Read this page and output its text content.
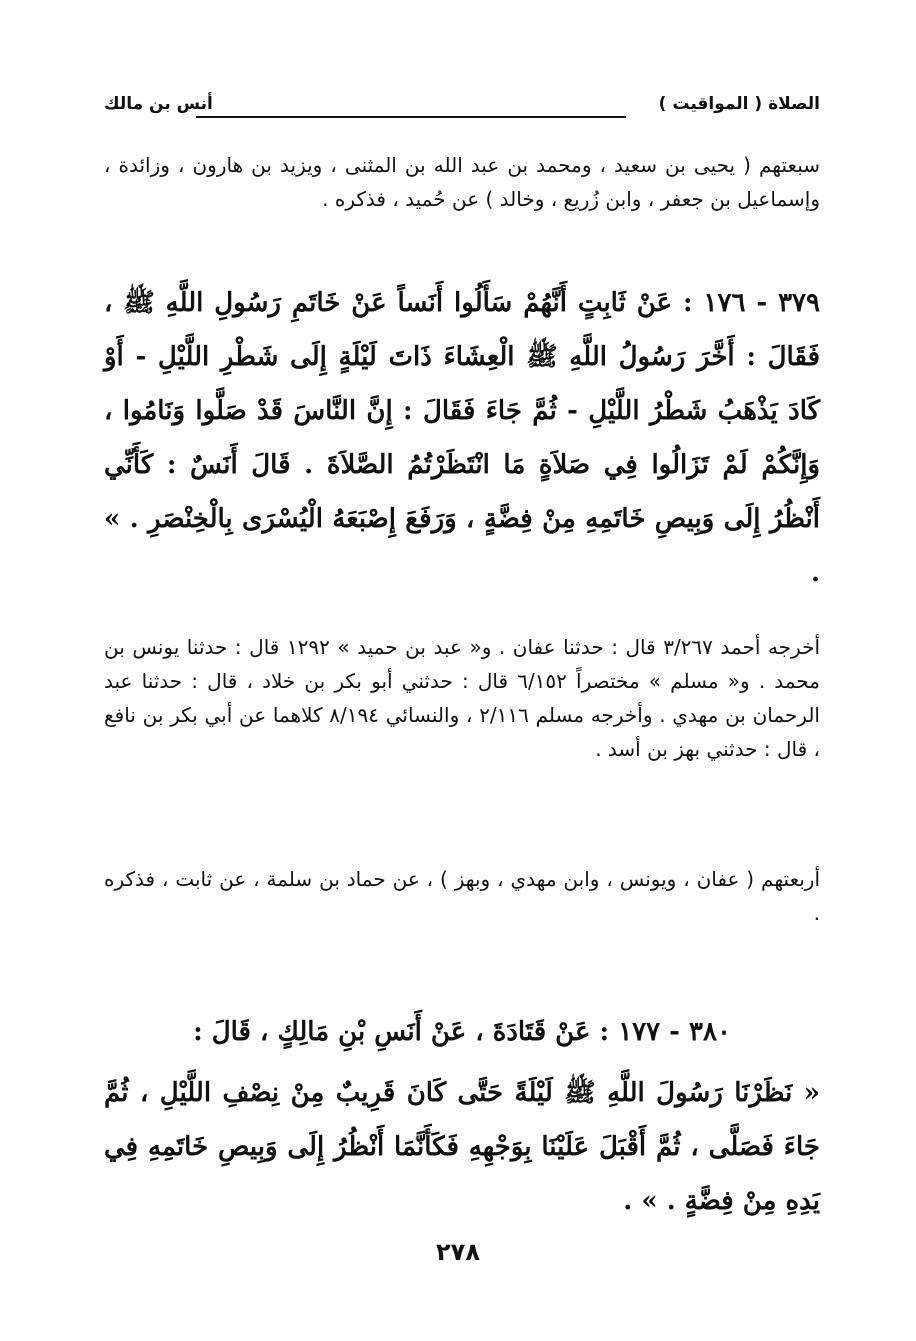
الصلاة ( المواقيت )
أنس بن مالك
سبعتهم ( يحيى بن سعيد ، ومحمد بن عبد الله بن المثنى ، ويزيد بن هارون ، وزائدة ، وإسماعيل بن جعفر ، وابن زُريع ، وخالد ) عن حُميد ، فذكره .
٣٧٩ - ١٧٦ : عَنْ ثَابِتٍ أَنَّهُمْ سَأَلُوا أَنَساً عَنْ خَاتَمِ رَسُولِ اللَّهِ ﷺ ، فَقَالَ : أَخَّرَ رَسُولُ اللَّهِ ﷺ الْعِشَاءَ ذَاتَ لَيْلَةٍ إِلَى شَطْرِ اللَّيْلِ - أَوْ كَادَ يَذْهَبُ شَطْرُ اللَّيْلِ - ثُمَّ جَاءَ فَقَالَ : إِنَّ النَّاسَ قَدْ صَلَّوا وَنَامُوا ، وَإِنَّكُمْ لَمْ تَزَالُوا فِي صَلاَةٍ مَا انْتَظَرْتُمُ الصَّلاَةَ . قَالَ أَنَسٌ : كَأَنِّي أَنْظُرُ إِلَى وَبِيصِ خَاتَمِهِ مِنْ فِضَّةٍ ، وَرَفَعَ إِصْبَعَهُ الْيُسْرَى بِالْخِنْصَرِ . » .
أخرجه أحمد ٣/٢٦٧ قال : حدثنا عفان . و« عبد بن حميد » ١٢٩٢ قال : حدثنا يونس بن محمد . و« مسلم » مختصراً ٦/١٥٢ قال : حدثني أبو بكر بن خلاد ، قال : حدثنا عبد الرحمان بن مهدي . وأخرجه مسلم ٢/١١٦ ، والنسائي ٨/١٩٤ كلاهما عن أبي بكر بن نافع ، قال : حدثني بهز بن أسد .
أربعتهم ( عفان ، ويونس ، وابن مهدي ، وبهز ) ، عن حماد بن سلمة ، عن ثابت ، فذكره .
٣٨٠ - ١٧٧ : عَنْ قَتَادَةَ ، عَنْ أَنَسِ بْنِ مَالِكٍ ، قَالَ :
« نَظَرْنَا رَسُولَ اللَّهِ ﷺ لَيْلَةً حَتَّى كَانَ قَرِيبٌ مِنْ نِصْفِ اللَّيْلِ ، ثُمَّ جَاءَ فَصَلَّى ، ثُمَّ أَقْبَلَ عَلَيْنَا بِوَجْهِهِ فَكَأَنَّمَا أَنْظُرُ إِلَى وَبِيصِ خَاتَمِهِ فِي يَدِهِ مِنْ فِضَّةٍ . » .
٢٧٨
